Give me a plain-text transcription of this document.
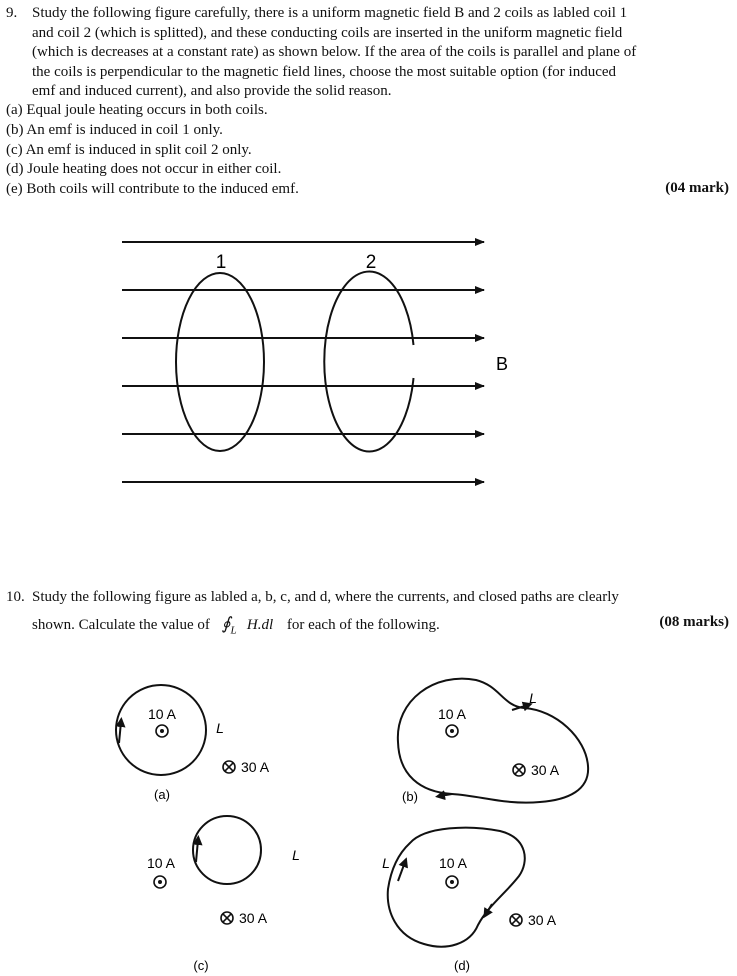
9. Study the following figure carefully, there is a uniform magnetic field B and 2 coils as labled coil 1
and coil 2 (which is splitted), and these conducting coils are inserted in the uniform magnetic field
(which is decreases at a constant rate) as shown below. If the area of the coils is parallel and plane of
the coils is perpendicular to the magnetic field lines, choose the most suitable option (for induced
emf and induced current), and also provide the solid reason.
(a) Equal joule heating occurs in both coils.
(b) An emf is induced in coil 1 only.
(c) An emf is induced in split coil 2 only.
(d) Joule heating does not occur in either coil.
(e) Both coils will contribute to the induced emf.	(04 mark)
1	2
B
10. Study the following figure as labled a, b, c, and d, where the currents, and closed paths are clearly
shown. Calculate the value of $∮_L$ H.dl for each of the following.	(08 marks)
10 A
L
30 A
(a)
L
10 A
30 A
(b)
L
10 A
30 A
(c)
L	10 A
30 A
(d)
